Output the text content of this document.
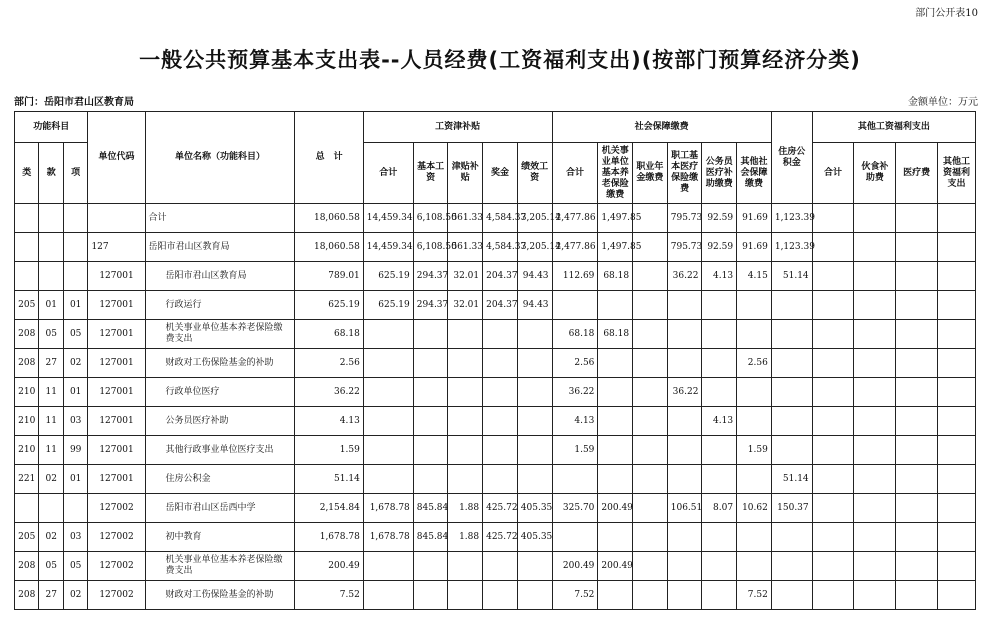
部门公开表10
一般公共预算基本支出表--人员经费(工资福利支出)(按部门预算经济分类)
部门：岳阳市君山区教育局	金额单位：万元
功能科目			单位代码	单位名称（功能科目）	总　计	工资津补贴					社会保障缴费						住房公积金	其他工资福利支出			
类	款	项				合计	基本工资	津贴补贴	奖金	绩效工资	合计	机关事业单位基本养老保险缴费	职业年金缴费	职工基本医疗保险缴费	公务员医疗补助缴费	其他社会保障缴费		合计	伙食补助费	医疗费	其他工资福利支出
				合计	18,060.58	14,459.34	6,108.50	561.33	4,584.37	3,205.14	2,477.86	1,497.85		795.73	92.59	91.69	1,123.39				
			127	岳阳市君山区教育局	18,060.58	14,459.34	6,108.50	561.33	4,584.37	3,205.14	2,477.86	1,497.85		795.73	92.59	91.69	1,123.39				
			127001	岳阳市君山区教育局	789.01	625.19	294.37	32.01	204.37	94.43	112.69	68.18		36.22	4.13	4.15	51.14				
205	01	01	127001	行政运行	625.19	625.19	294.37	32.01	204.37	94.43											
208	05	05	127001	机关事业单位基本养老保险缴费支出	68.18						68.18	68.18									
208	27	02	127001	财政对工伤保险基金的补助	2.56						2.56					2.56					
210	11	01	127001	行政单位医疗	36.22						36.22			36.22							
210	11	03	127001	公务员医疗补助	4.13						4.13				4.13						
210	11	99	127001	其他行政事业单位医疗支出	1.59						1.59					1.59					
221	02	01	127001	住房公积金	51.14												51.14				
			127002	岳阳市君山区岳西中学	2,154.84	1,678.78	845.84	1.88	425.72	405.35	325.70	200.49		106.51	8.07	10.62	150.37				
205	02	03	127002	初中教育	1,678.78	1,678.78	845.84	1.88	425.72	405.35											
208	05	05	127002	机关事业单位基本养老保险缴费支出	200.49						200.49	200.49									
208	27	02	127002	财政对工伤保险基金的补助	7.52						7.52					7.52					
